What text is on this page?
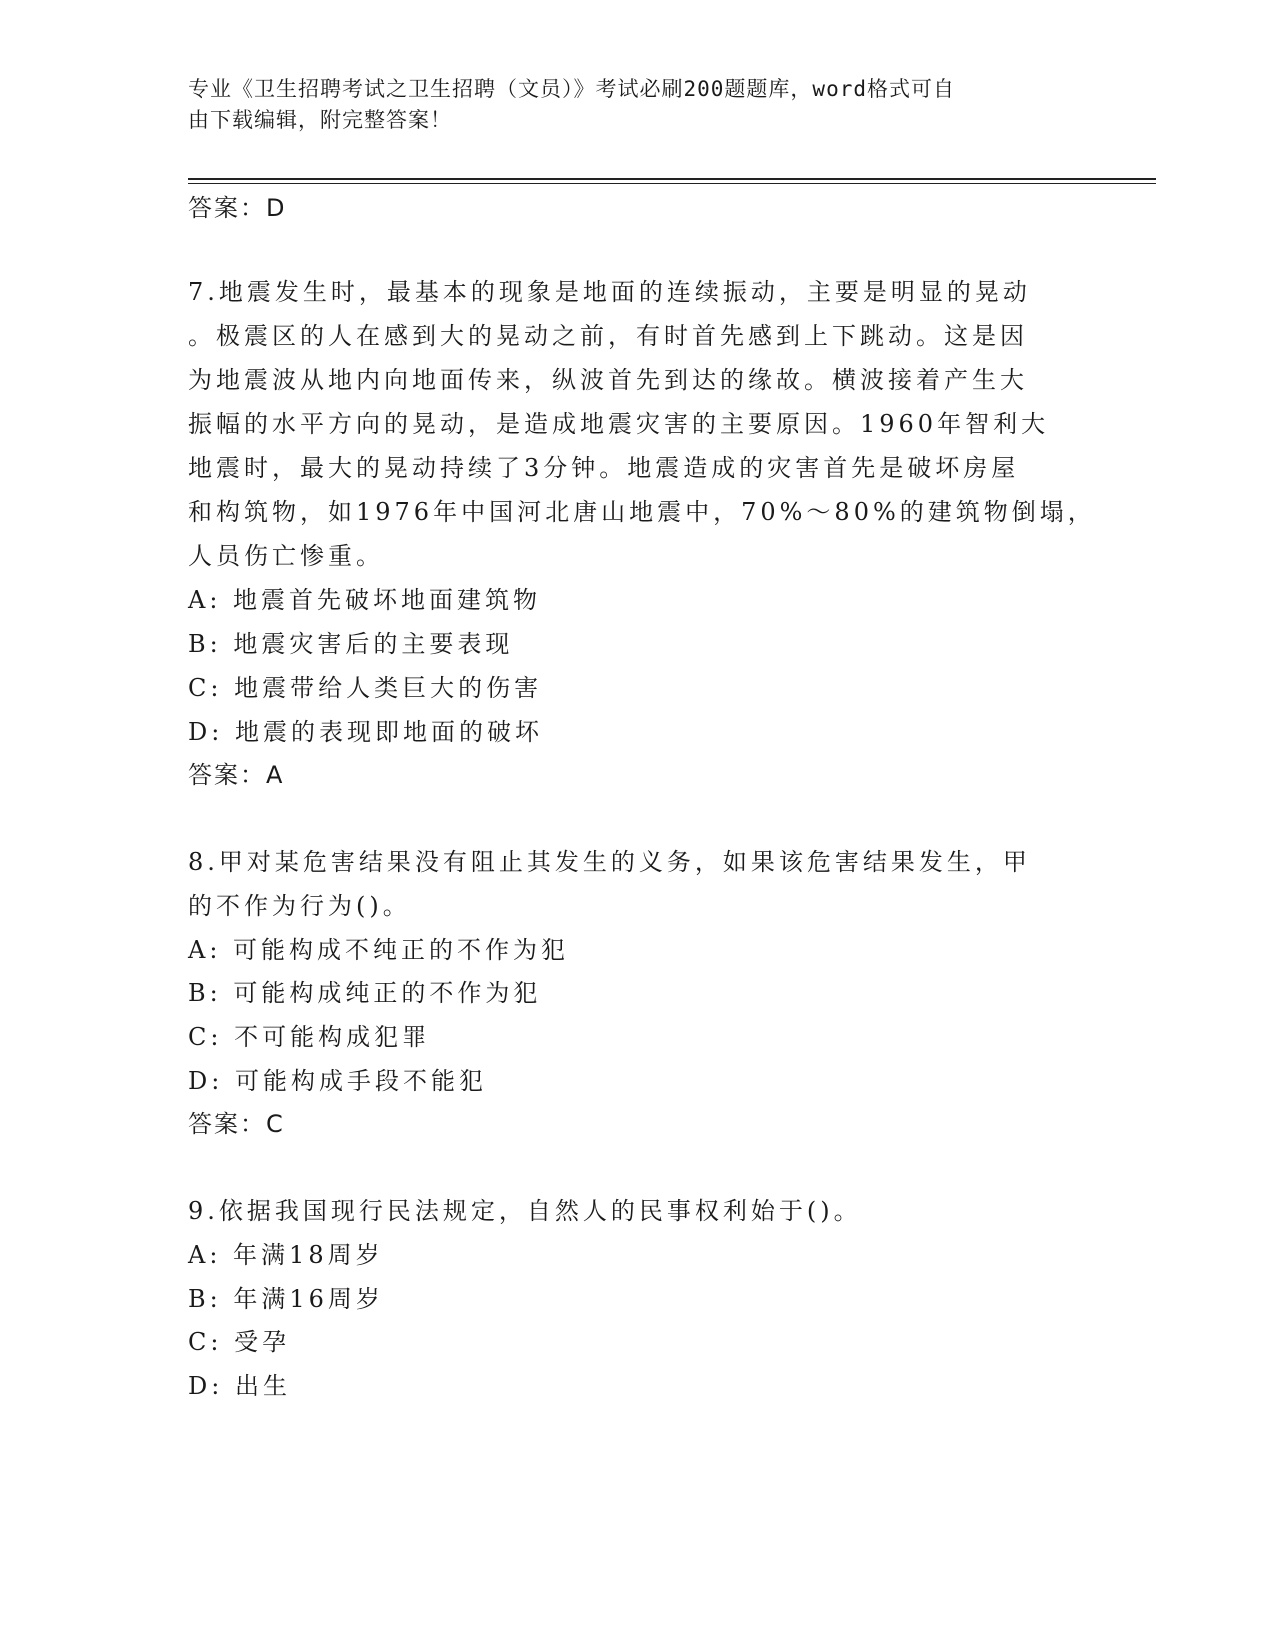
专业《卫生招聘考试之卫生招聘（文员）》考试必刷200题题库，word格式可自
由下载编辑，附完整答案！
答案：D
7.地震发生时，最基本的现象是地面的连续振动，主要是明显的晃动
。极震区的人在感到大的晃动之前，有时首先感到上下跳动。这是因
为地震波从地内向地面传来，纵波首先到达的缘故。横波接着产生大
振幅的水平方向的晃动，是造成地震灾害的主要原因。1960年智利大
地震时，最大的晃动持续了3分钟。地震造成的灾害首先是破坏房屋
和构筑物，如1976年中国河北唐山地震中，70%～80%的建筑物倒塌，
人员伤亡惨重。
A: 地震首先破坏地面建筑物
B: 地震灾害后的主要表现
C: 地震带给人类巨大的伤害
D: 地震的表现即地面的破坏
答案：A
8.甲对某危害结果没有阻止其发生的义务，如果该危害结果发生，甲
的不作为行为()。
A: 可能构成不纯正的不作为犯
B: 可能构成纯正的不作为犯
C: 不可能构成犯罪
D: 可能构成手段不能犯
答案：C
9.依据我国现行民法规定，自然人的民事权利始于()。
A: 年满18周岁
B: 年满16周岁
C: 受孕
D: 出生
